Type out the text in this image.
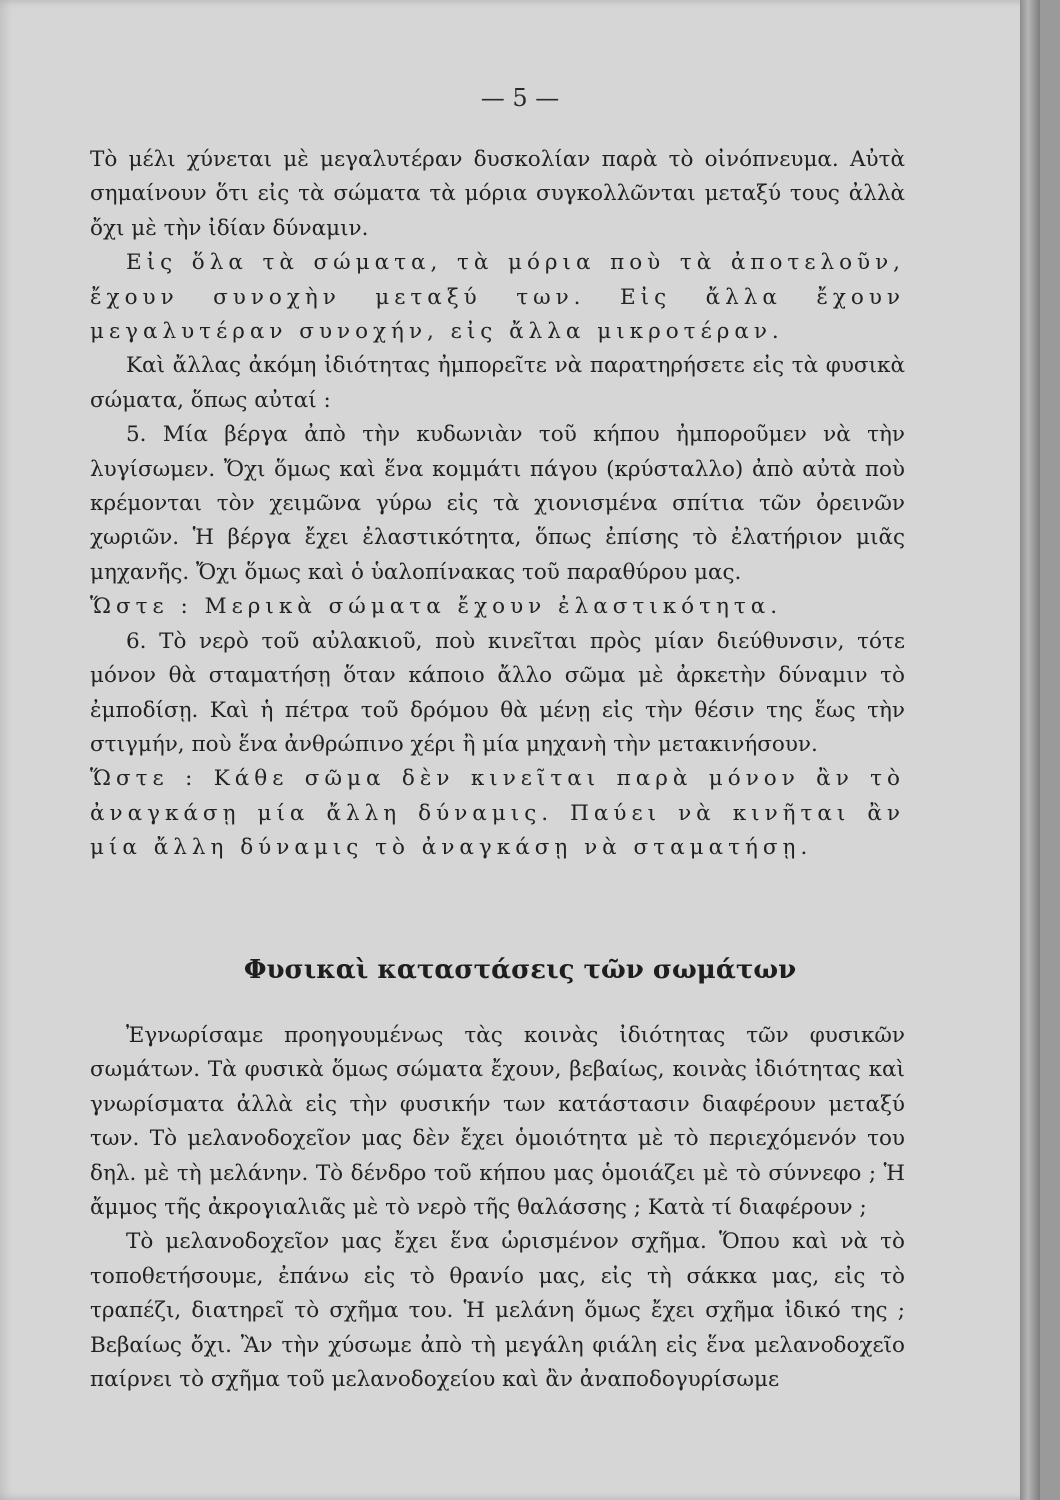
— 5 —

Τὸ μέλι χύνεται μὲ μεγαλυτέραν δυσκολίαν παρὰ τὸ οἰνόπνευμα. Αὐτὰ σημαίνουν ὅτι εἰς τὰ σώματα τὰ μόρια συγκολλῶνται μεταξύ τους ἀλλὰ ὄχι μὲ τὴν ἰδίαν δύναμιν.

Εἰς ὅλα τὰ σώματα, τὰ μόρια ποὺ τὰ ἀποτελοῦν, ἔχουν συνοχὴν μεταξύ των. Εἰς ἄλλα ἔχουν μεγαλυτέραν συνοχήν, εἰς ἄλλα μικροτέραν.

Καὶ ἄλλας ἀκόμη ἰδιότητας ἠμπορεῖτε νὰ παρατηρήσετε εἰς τὰ φυσικὰ σώματα, ὅπως αὐταί :

5. Μία βέργα ἀπὸ τὴν κυδωνιὰν τοῦ κήπου ἠμποροῦμεν νὰ τὴν λυγίσωμεν. Ὄχι ὅμως καὶ ἕνα κομμάτι πάγου (κρύσταλλο) ἀπὸ αὐτὰ ποὺ κρέμονται τὸν χειμῶνα γύρω εἰς τὰ χιονισμένα σπίτια τῶν ὀρεινῶν χωριῶν. Ἡ βέργα ἔχει ἐλαστικότητα, ὅπως ἐπίσης τὸ ἐλατήριον μιᾶς μηχανῆς. Ὄχι ὅμως καὶ ὁ ὑαλοπίνακας τοῦ παραθύρου μας.

Ὥστε : Μερικὰ σώματα ἔχουν ἐλαστικότητα.

6. Τὸ νερὸ τοῦ αὐλακιοῦ, ποὺ κινεῖται πρὸς μίαν διεύθυνσιν, τότε μόνον θὰ σταματήσῃ ὅταν κάποιο ἄλλο σῶμα μὲ ἀρκετὴν δύναμιν τὸ ἐμποδίσῃ. Καὶ ἡ πέτρα τοῦ δρόμου θὰ μένῃ εἰς τὴν θέσιν της ἕως τὴν στιγμήν, ποὺ ἕνα ἀνθρώπινο χέρι ἢ μία μηχανὴ τὴν μετακινήσουν.

Ὥστε : Κάθε σῶμα δὲν κινεῖται παρὰ μόνον ἂν τὸ ἀναγκάσῃ μία ἄλλη δύναμις. Παύει νὰ κινῆται ἂν μία ἄλλη δύναμις τὸ ἀναγκάσῃ νὰ σταματήσῃ.

Φυσικαὶ καταστάσεις τῶν σωμάτων

Ἐγνωρίσαμε προηγουμένως τὰς κοινὰς ἰδιότητας τῶν φυσικῶν σωμάτων. Τὰ φυσικὰ ὅμως σώματα ἔχουν, βεβαίως, κοινὰς ἰδιότητας καὶ γνωρίσματα ἀλλὰ εἰς τὴν φυσικήν των κατάστασιν διαφέρουν μεταξύ των. Τὸ μελανοδοχεῖον μας δὲν ἔχει ὁμοιότητα μὲ τὸ περιεχόμενόν του δηλ. μὲ τὴ μελάνην. Τὸ δένδρο τοῦ κήπου μας ὁμοιάζει μὲ τὸ σύννεφο ; Ἡ ἄμμος τῆς ἀκρογιαλιᾶς μὲ τὸ νερὸ τῆς θαλάσσης ; Κατὰ τί διαφέρουν ;

Τὸ μελανοδοχεῖον μας ἔχει ἕνα ὡρισμένον σχῆμα. Ὅπου καὶ νὰ τὸ τοποθετήσουμε, ἐπάνω εἰς τὸ θρανίο μας, εἰς τὴ σάκκα μας, εἰς τὸ τραπέζι, διατηρεῖ τὸ σχῆμα του. Ἡ μελάνη ὅμως ἔχει σχῆμα ἰδικό της ; Βεβαίως ὄχι. Ἂν τὴν χύσωμε ἀπὸ τὴ μεγάλη φιάλη εἰς ἕνα μελανοδοχεῖο παίρνει τὸ σχῆμα τοῦ μελανοδοχείου καὶ ἂν ἀναποδογυρίσωμε
